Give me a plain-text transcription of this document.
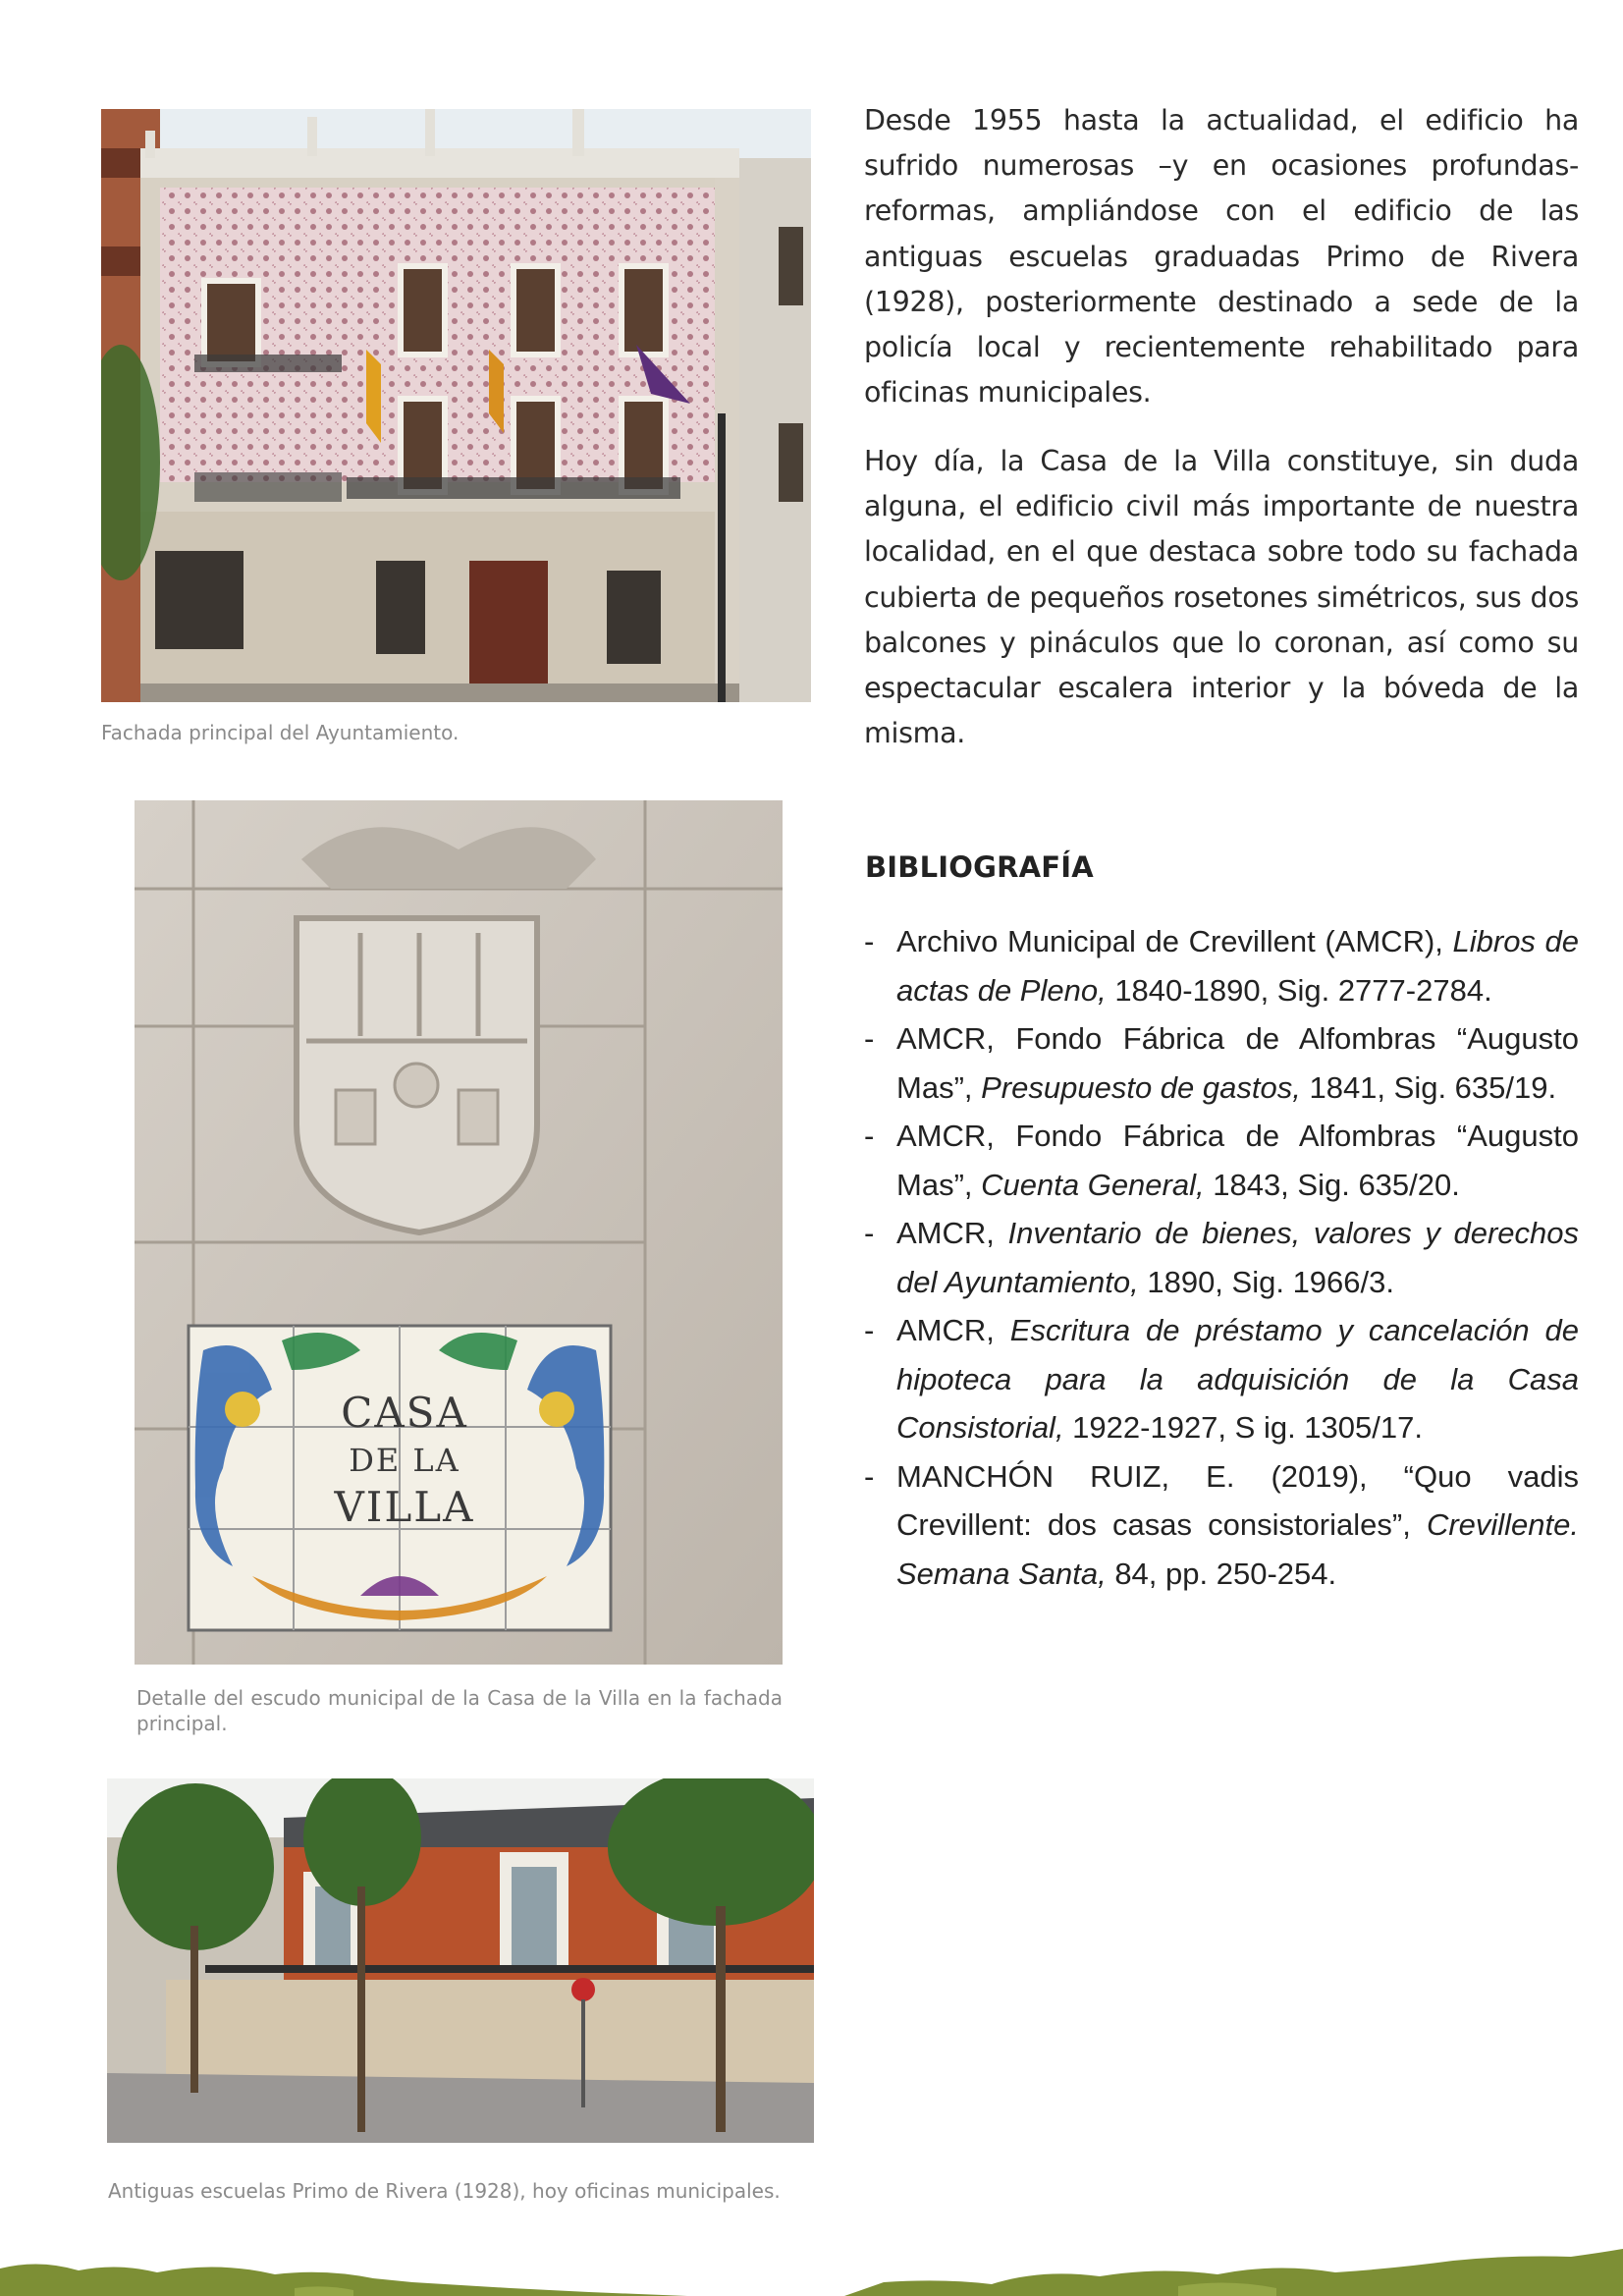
Fachada principal del Ayuntamiento.

Desde 1955 hasta la actualidad, el edificio ha sufrido numerosas –y en ocasiones profundas- reformas, ampliándose con el edificio de las antiguas escuelas graduadas Primo de Rivera (1928), posteriormente destinado a sede de la policía local y recientemente rehabilitado para oficinas municipales.

Hoy día, la Casa de la Villa constituye, sin duda alguna, el edificio civil más importante de nuestra localidad, en el que destaca sobre todo su fachada cubierta de pequeños rosetones simétricos, sus dos balcones y pináculos que lo coronan, así como su espectacular escalera interior y la bóveda de la misma.

CASA
DE LA
VILLA
Detalle del escudo municipal de la Casa de la Villa en la fachada principal.
BIBLIOGRAFÍA
- Archivo Municipal de Crevillent (AMCR), Libros de actas de Pleno, 1840-1890, Sig. 2777-2784.
- AMCR, Fondo Fábrica de Alfombras “Augusto Mas”, Presupuesto de gastos, 1841, Sig. 635/19.
- AMCR, Fondo Fábrica de Alfombras “Augusto Mas”, Cuenta General, 1843, Sig. 635/20.
- AMCR, Inventario de bienes, valores y derechos del Ayuntamiento, 1890, Sig. 1966/3.
- AMCR, Escritura de préstamo y cancelación de hipoteca para la adquisición de la Casa Consistorial, 1922-1927, S ig. 1305/17.
- MANCHÓN RUIZ, E. (2019), “Quo vadis Crevillent: dos casas consistoriales”, Crevillente. Semana Santa, 84, pp. 250-254.
Antiguas escuelas Primo de Rivera (1928), hoy oficinas municipales.
